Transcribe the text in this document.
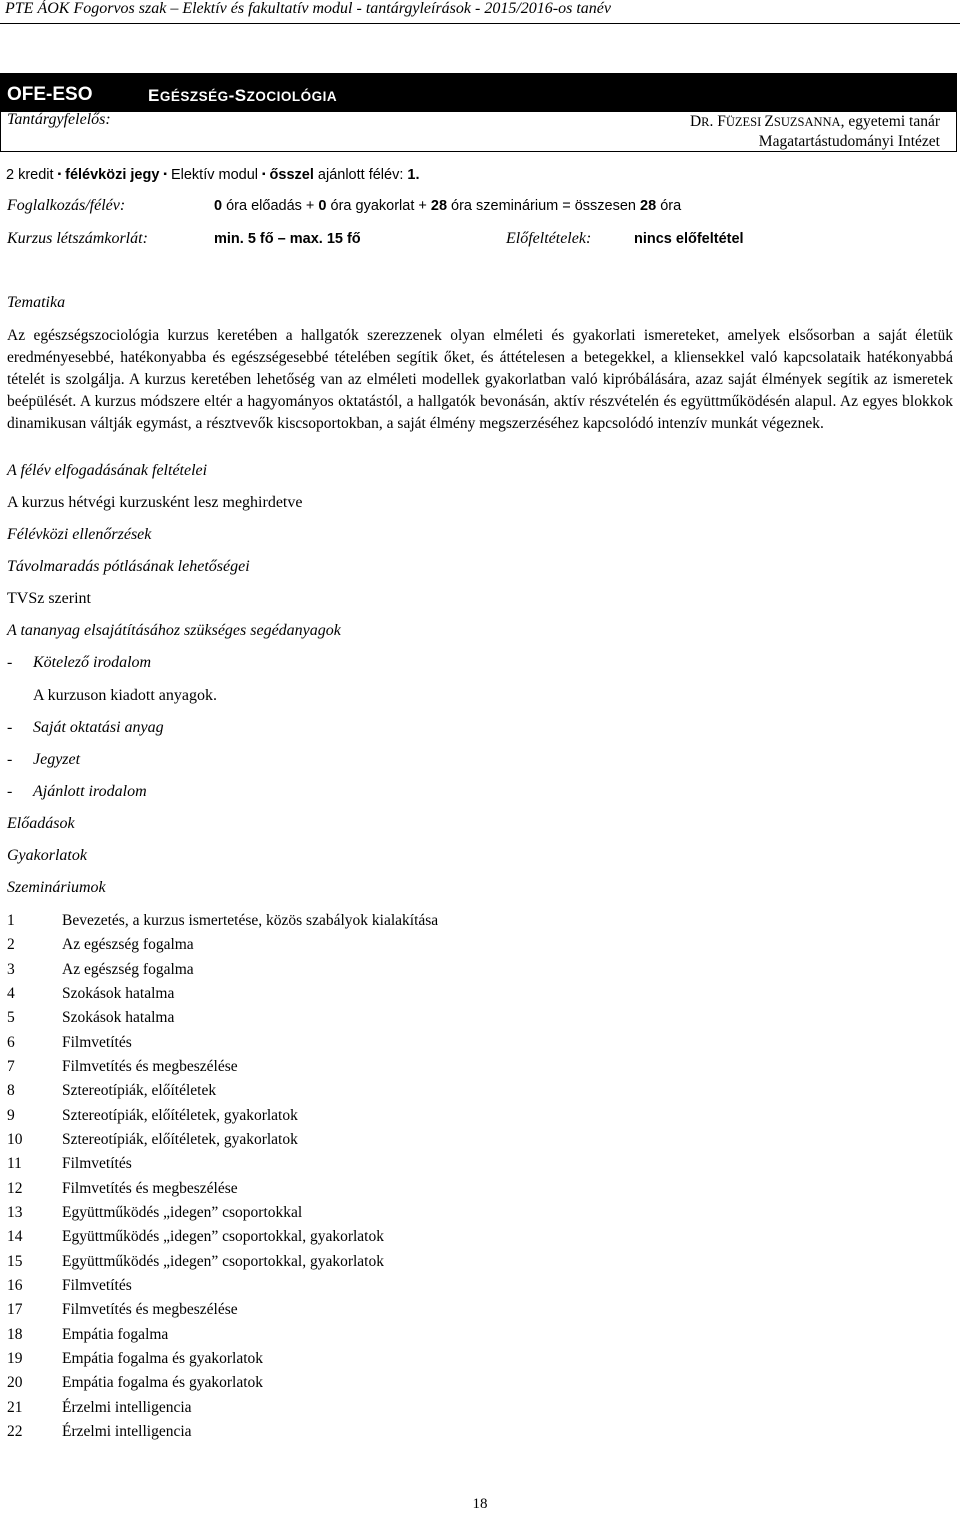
PTE ÁOK Fogorvos szak – Elektív és fakultatív modul - tantárgyleírások - 2015/2016-os tanév
OFE-ESO	EGÉSZSÉG-SZOCIOLÓGIA
Tantárgyfelelős:	DR. FÜZESI ZSUZSANNA, egyetemi tanár
Magatartástudományi Intézet
2 kredit ▪ félévközi jegy ▪ Elektív modul ▪ ősszel ajánlott félév: 1.
Foglalkozás/félév:	0 óra előadás + 0 óra gyakorlat + 28 óra szeminárium = összesen 28 óra
Kurzus létszámkorlát:	min. 5 fő – max. 15 fő	Előfeltételek:	nincs előfeltétel
Tematika

Az egészségszociológia kurzus keretében a hallgatók szerezzenek olyan elméleti és gyakorlati ismereteket, amelyek elsősorban a saját életük eredményesebbé, hatékonyabba és egészségesebbé tételében segítik őket, és áttételesen a betegekkel, a kliensekkel való kapcsolataik hatékonyabbá tételét is szolgálja. A kurzus keretében lehetőség van az elméleti modellek gyakorlatban való kipróbálására, azaz saját élmények segítik az ismeretek beépülését. A kurzus módszere eltér a hagyományos oktatástól, a hallgatók bevonásán, aktív részvételén és együttműködésén alapul. Az egyes blokkok dinamikusan váltják egymást, a résztvevők kiscsoportokban, a saját élmény megszerzéséhez kapcsolódó intenzív munkát végeznek.

A félév elfogadásának feltételei
A kurzus hétvégi kurzusként lesz meghirdetve
Félévközi ellenőrzések
Távolmaradás pótlásának lehetőségei
TVSz szerint
A tananyag elsajátításához szükséges segédanyagok
- Kötelező irodalom
A kurzuson kiadott anyagok.
- Saját oktatási anyag
- Jegyzet
- Ajánlott irodalom
Előadások
Gyakorlatok
Szemináriumok
1	Bevezetés, a kurzus ismertetése, közös szabályok kialakítása
2	Az egészség fogalma
3	Az egészség fogalma
4	Szokások hatalma
5	Szokások hatalma
6	Filmvetítés
7	Filmvetítés és megbeszélése
8	Sztereotípiák, előítéletek
9	Sztereotípiák, előítéletek, gyakorlatok
10	Sztereotípiák, előítéletek, gyakorlatok
11	Filmvetítés
12	Filmvetítés és megbeszélése
13	Együttműködés „idegen” csoportokkal
14	Együttműködés „idegen” csoportokkal, gyakorlatok
15	Együttműködés „idegen” csoportokkal, gyakorlatok
16	Filmvetítés
17	Filmvetítés és megbeszélése
18	Empátia fogalma
19	Empátia fogalma és gyakorlatok
20	Empátia fogalma és gyakorlatok
21	Érzelmi intelligencia
22	Érzelmi intelligencia
18
